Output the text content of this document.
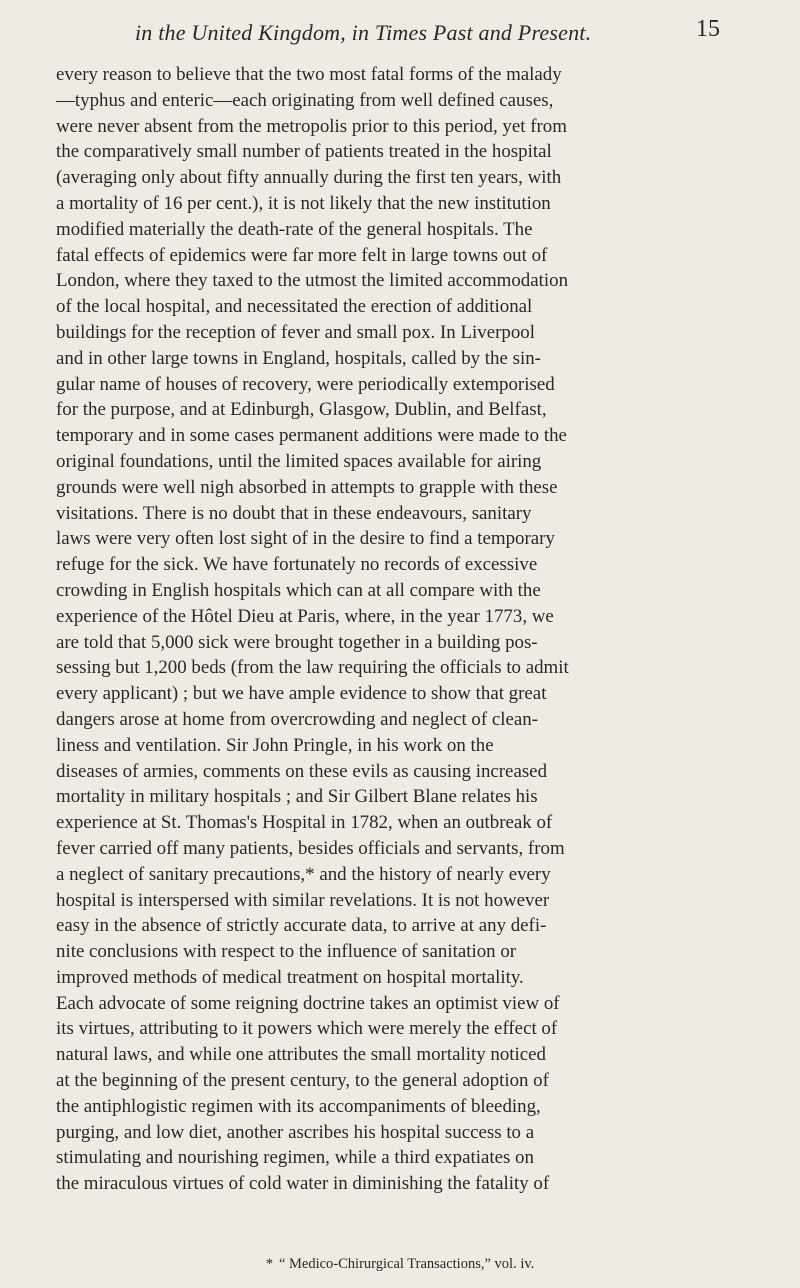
in the United Kingdom, in Times Past and Present.	15
every reason to believe that the two most fatal forms of the malady
—typhus and enteric—each originating from well defined causes,
were never absent from the metropolis prior to this period, yet from
the comparatively small number of patients treated in the hospital
(averaging only about fifty annually during the first ten years, with
a mortality of 16 per cent.), it is not likely that the new institution
modified materially the death-rate of the general hospitals. The
fatal effects of epidemics were far more felt in large towns out of
London, where they taxed to the utmost the limited accommodation
of the local hospital, and necessitated the erection of additional
buildings for the reception of fever and small pox. In Liverpool
and in other large towns in England, hospitals, called by the sin-
gular name of houses of recovery, were periodically extemporised
for the purpose, and at Edinburgh, Glasgow, Dublin, and Belfast,
temporary and in some cases permanent additions were made to the
original foundations, until the limited spaces available for airing
grounds were well nigh absorbed in attempts to grapple with these
visitations. There is no doubt that in these endeavours, sanitary
laws were very often lost sight of in the desire to find a temporary
refuge for the sick. We have fortunately no records of excessive
crowding in English hospitals which can at all compare with the
experience of the Hôtel Dieu at Paris, where, in the year 1773, we
are told that 5,000 sick were brought together in a building pos-
sessing but 1,200 beds (from the law requiring the officials to admit
every applicant) ; but we have ample evidence to show that great
dangers arose at home from overcrowding and neglect of clean-
liness and ventilation. Sir John Pringle, in his work on the
diseases of armies, comments on these evils as causing increased
mortality in military hospitals ; and Sir Gilbert Blane relates his
experience at St. Thomas's Hospital in 1782, when an outbreak of
fever carried off many patients, besides officials and servants, from
a neglect of sanitary precautions,* and the history of nearly every
hospital is interspersed with similar revelations. It is not however
easy in the absence of strictly accurate data, to arrive at any defi-
nite conclusions with respect to the influence of sanitation or
improved methods of medical treatment on hospital mortality.
Each advocate of some reigning doctrine takes an optimist view of
its virtues, attributing to it powers which were merely the effect of
natural laws, and while one attributes the small mortality noticed
at the beginning of the present century, to the general adoption of
the antiphlogistic regimen with its accompaniments of bleeding,
purging, and low diet, another ascribes his hospital success to a
stimulating and nourishing regimen, while a third expatiates on
the miraculous virtues of cold water in diminishing the fatality of
* “ Medico-Chirurgical Transactions,” vol. iv.
